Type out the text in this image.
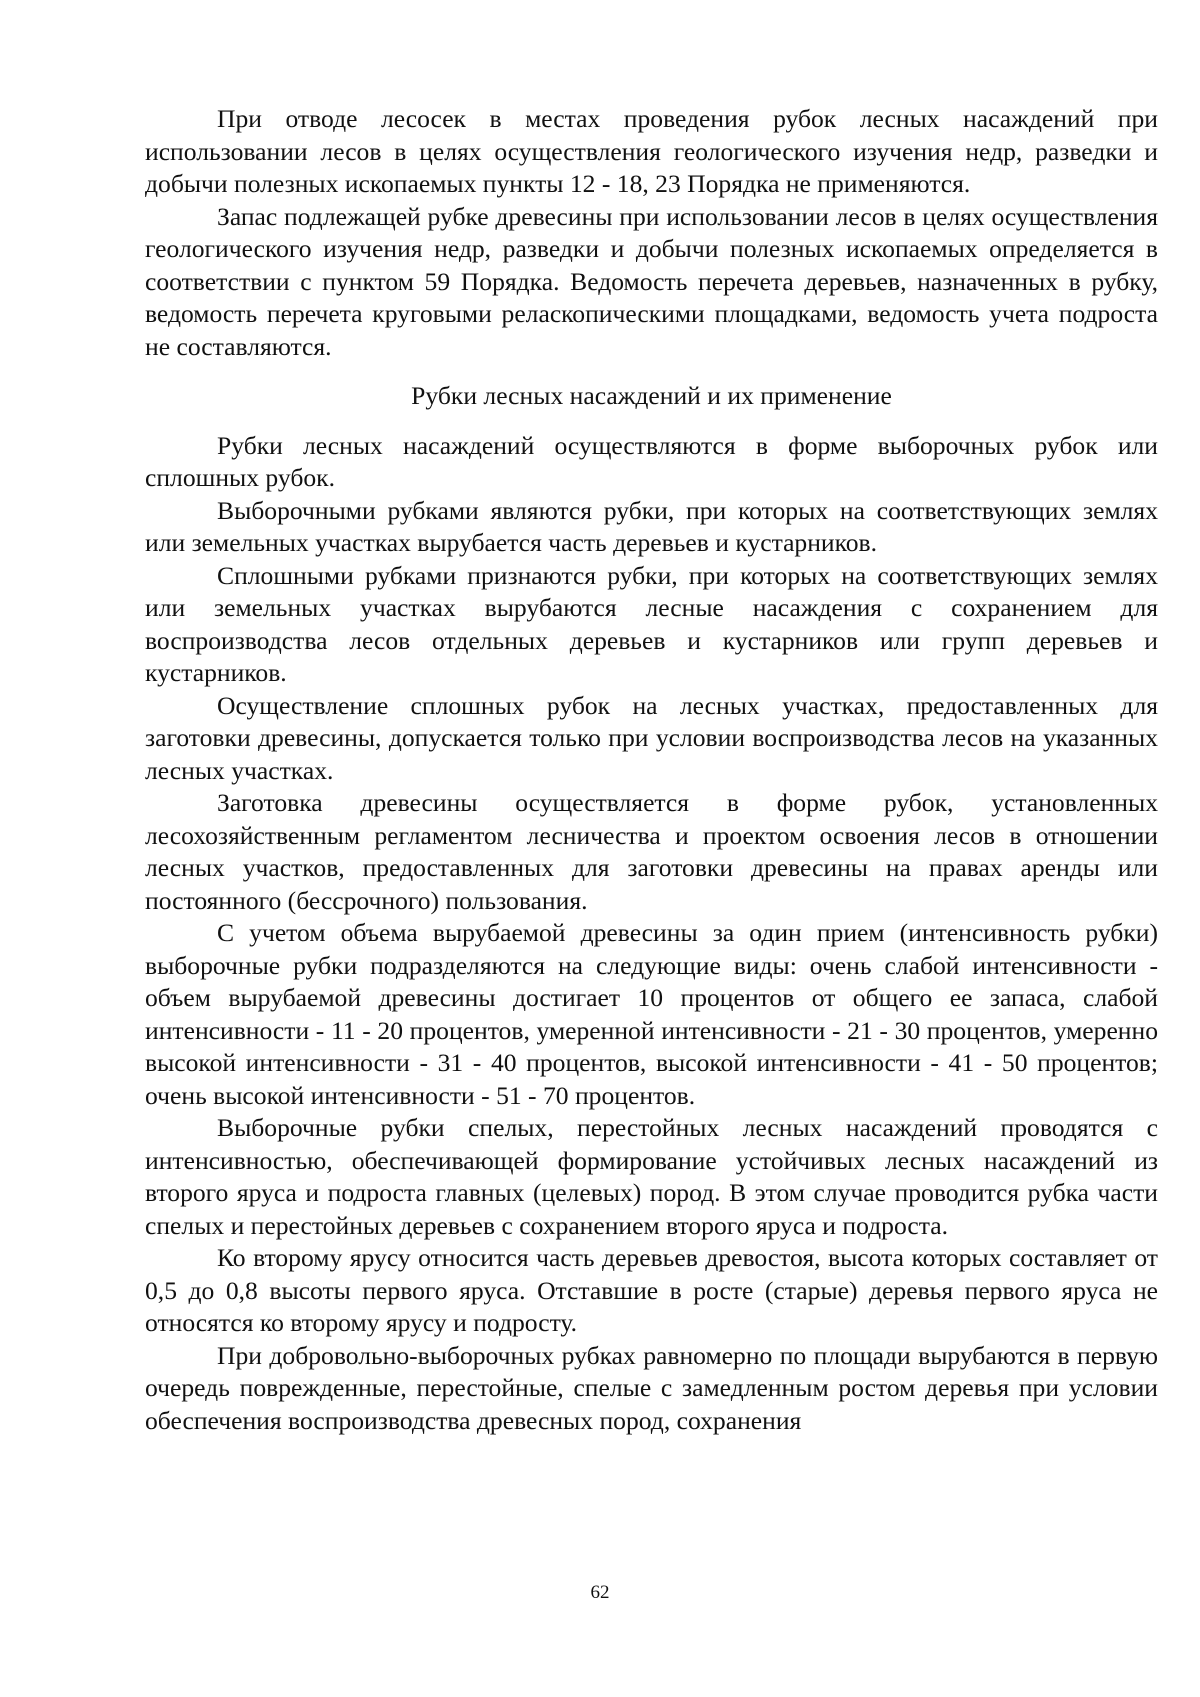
При отводе лесосек в местах проведения рубок лесных насаждений при использовании лесов в целях осуществления геологического изучения недр, разведки и добычи полезных ископаемых пункты 12 - 18, 23 Порядка не применяются.

Запас подлежащей рубке древесины при использовании лесов в целях осуществления геологического изучения недр, разведки и добычи полезных ископаемых определяется в соответствии с пунктом 59 Порядка. Ведомость перечета деревьев, назначенных в рубку, ведомость перечета круговыми реласкопическими площадками, ведомость учета подроста не составляются.

Рубки лесных насаждений и их применение

Рубки лесных насаждений осуществляются в форме выборочных рубок или сплошных рубок.

Выборочными рубками являются рубки, при которых на соответствующих землях или земельных участках вырубается часть деревьев и кустарников.

Сплошными рубками признаются рубки, при которых на соответствующих землях или земельных участках вырубаются лесные насаждения с сохранением для воспроизводства лесов отдельных деревьев и кустарников или групп деревьев и кустарников.

Осуществление сплошных рубок на лесных участках, предоставленных для заготовки древесины, допускается только при условии воспроизводства лесов на указанных лесных участках.

Заготовка древесины осуществляется в форме рубок, установленных лесохозяйственным регламентом лесничества и проектом освоения лесов в отношении лесных участков, предоставленных для заготовки древесины на правах аренды или постоянного (бессрочного) пользования.

С учетом объема вырубаемой древесины за один прием (интенсивность рубки) выборочные рубки подразделяются на следующие виды: очень слабой интенсивности - объем вырубаемой древесины достигает 10 процентов от общего ее запаса, слабой интенсивности - 11 - 20 процентов, умеренной интенсивности - 21 - 30 процентов, умеренно высокой интенсивности - 31 - 40 процентов, высокой интенсивности - 41 - 50 процентов; очень высокой интенсивности - 51 - 70 процентов.

Выборочные рубки спелых, перестойных лесных насаждений проводятся с интенсивностью, обеспечивающей формирование устойчивых лесных насаждений из второго яруса и подроста главных (целевых) пород. В этом случае проводится рубка части спелых и перестойных деревьев с сохранением второго яруса и подроста.

Ко второму ярусу относится часть деревьев древостоя, высота которых составляет от 0,5 до 0,8 высоты первого яруса. Отставшие в росте (старые) деревья первого яруса не относятся ко второму ярусу и подросту.

При добровольно-выборочных рубках равномерно по площади вырубаются в первую очередь поврежденные, перестойные, спелые с замедленным ростом деревья при условии обеспечения воспроизводства древесных пород, сохранения

62
